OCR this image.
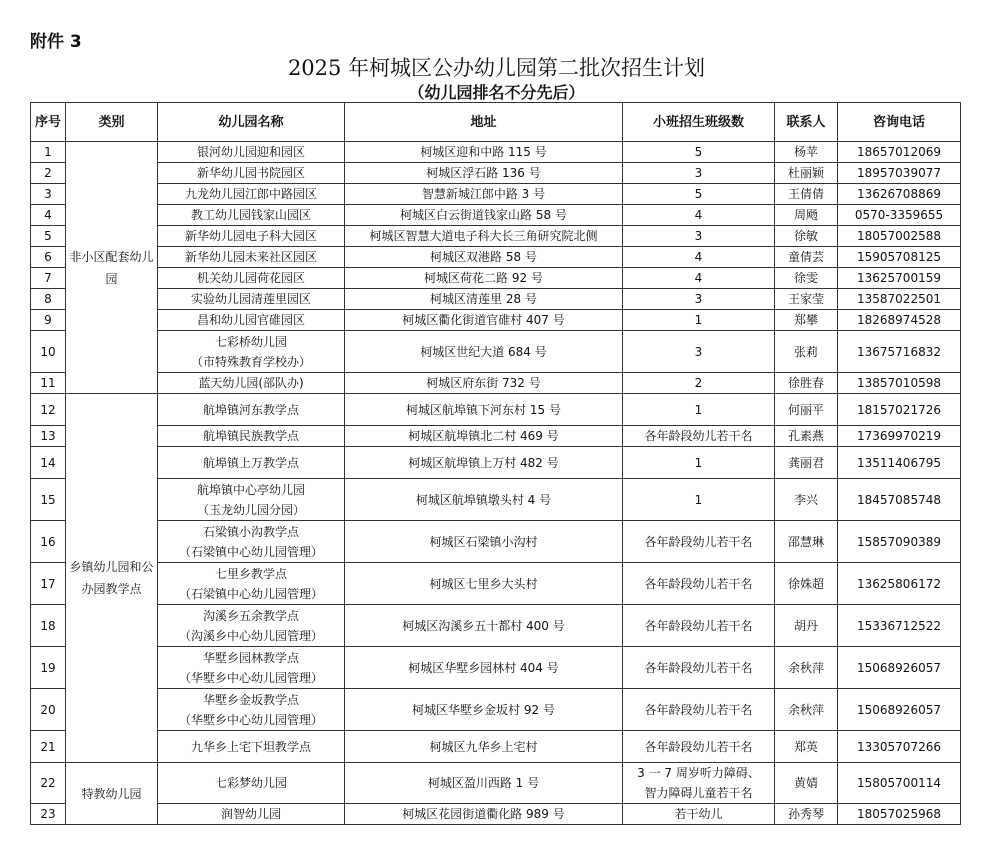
附件 3
2025 年柯城区公办幼儿园第二批次招生计划
（幼儿园排名不分先后）
序号	类别	幼儿园名称	地址	小班招生班级数	联系人	咨询电话
1	非小区配套幼儿园	银河幼儿园迎和园区	柯城区迎和中路 115 号	5	杨苹	18657012069
2		新华幼儿园书院园区	柯城区浮石路 136 号	3	杜丽颖	18957039077
3		九龙幼儿园江郎中路园区	智慧新城江郎中路 3 号	5	王倩倩	13626708869
4		教工幼儿园钱家山园区	柯城区白云街道钱家山路 58 号	4	周飏	0570-3359655
5		新华幼儿园电子科大园区	柯城区智慧大道电子科大长三角研究院北侧	3	徐敏	18057002588
6		新华幼儿园未来社区园区	柯城区双港路 58 号	4	童倩芸	15905708125
7		机关幼儿园荷花园区	柯城区荷花二路 92 号	4	徐雯	13625700159
8		实验幼儿园清莲里园区	柯城区清莲里 28 号	3	王家莹	13587022501
9		昌和幼儿园官碓园区	柯城区衢化街道官碓村 407 号	1	郑攀	18268974528
10		七彩桥幼儿园
（市特殊教育学校办）	柯城区世纪大道 684 号	3	张莉	13675716832
11		蓝天幼儿园(部队办)	柯城区府东街 732 号	2	徐胜春	13857010598
12	乡镇幼儿园和公办园教学点	航埠镇河东教学点	柯城区航埠镇下河东村 15 号	1	何丽平	18157021726
13		航埠镇民族教学点	柯城区航埠镇北二村 469 号	各年龄段幼儿若干名	孔素燕	17369970219
14		航埠镇上万教学点	柯城区航埠镇上万村 482 号	1	龚丽君	13511406795
15		航埠镇中心亭幼儿园
（玉龙幼儿园分园）	柯城区航埠镇墩头村 4 号	1	李兴	18457085748
16		石梁镇小沟教学点
（石梁镇中心幼儿园管理）	柯城区石梁镇小沟村	各年龄段幼儿若干名	邵慧琳	15857090389
17		七里乡教学点
（石梁镇中心幼儿园管理）	柯城区七里乡大头村	各年龄段幼儿若干名	徐姝超	13625806172
18		沟溪乡五余教学点
（沟溪乡中心幼儿园管理）	柯城区沟溪乡五十都村 400 号	各年龄段幼儿若干名	胡丹	15336712522
19		华墅乡园林教学点
（华墅乡中心幼儿园管理）	柯城区华墅乡园林村 404 号	各年龄段幼儿若干名	余秋萍	15068926057
20		华墅乡金坂教学点
（华墅乡中心幼儿园管理）	柯城区华墅乡金坂村 92 号	各年龄段幼儿若干名	余秋萍	15068926057
21		九华乡上宅下坦教学点	柯城区九华乡上宅村	各年龄段幼儿若干名	郑英	13305707266
22	特教幼儿园	七彩梦幼儿园	柯城区盈川西路 1 号	3 一 7 周岁听力障碍、
智力障碍儿童若干名	黄婧	15805700114
23		润智幼儿园	柯城区花园街道衢化路 989 号	若干幼儿	孙秀琴	18057025968
